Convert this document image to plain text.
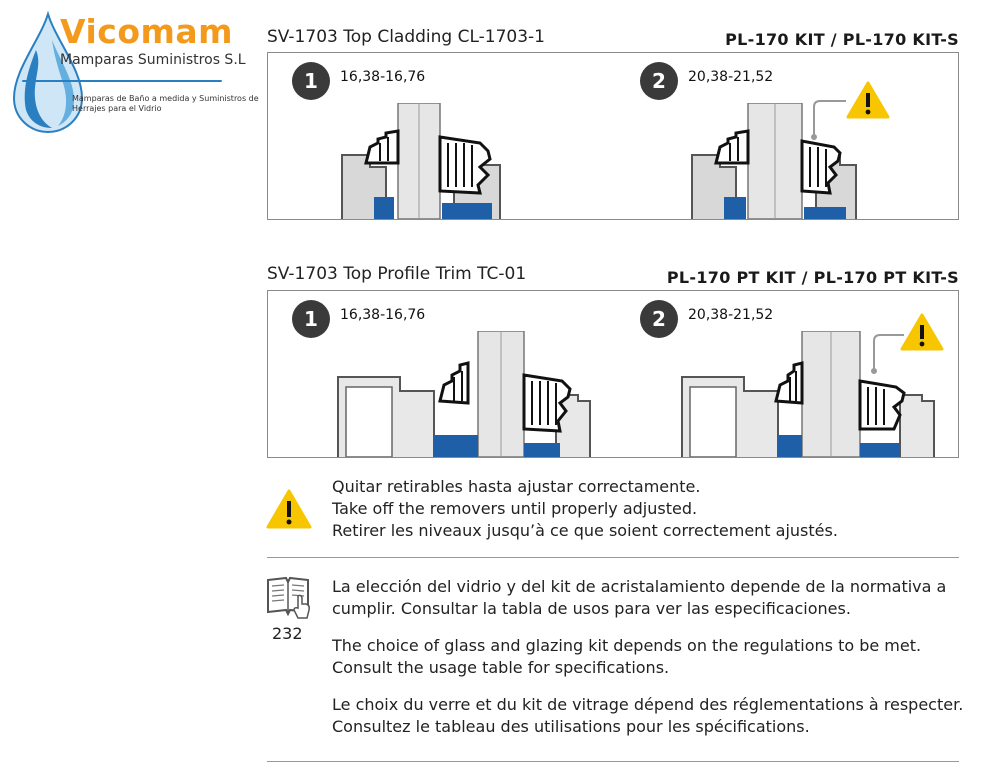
Vicomam
Mamparas Suministros S.L
Mamparas de Baño a medida y Suministros de
Herrajes para el Vidrio
SV-1703 Top Cladding CL-1703-1	PL-170 KIT / PL-170 KIT-S
1	16,38-16,76	2	20,38-21,52
SV-1703 Top Profile Trim TC-01	PL-170 PT KIT / PL-170 PT KIT-S
1	16,38-16,76	2	20,38-21,52
Quitar retirables hasta ajustar correctamente.
Take off the removers until properly adjusted.
Retirer les niveaux jusqu’à ce que soient correctement ajustés.
232
La elección del vidrio y del kit de acristalamiento depende de la normativa a
cumplir. Consultar la tabla de usos para ver las especificaciones.
The choice of glass and glazing kit depends on the regulations to be met.
Consult the usage table for specifications.
Le choix du verre et du kit de vitrage dépend des réglementations à respecter.
Consultez le tableau des utilisations pour les spécifications.
